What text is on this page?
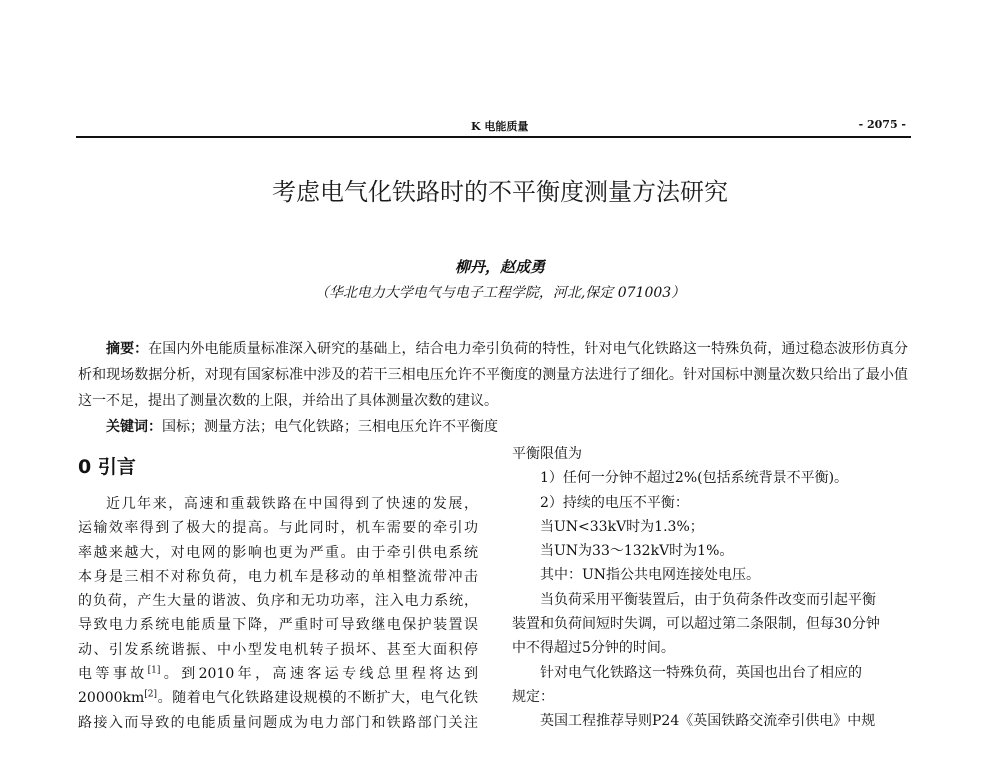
K 电能质量	- 2075 -
考虑电气化铁路时的不平衡度测量方法研究
柳丹，赵成勇
（华北电力大学电气与电子工程学院，河北,保定 071003）

摘要：在国内外电能质量标准深入研究的基础上，结合电力牵引负荷的特性，针对电气化铁路这一特殊负荷，通过稳态波形仿真分析和现场数据分析，对现有国家标准中涉及的若干三相电压允许不平衡度的测量方法进行了细化。针对国标中测量次数只给出了最小值这一不足，提出了测量次数的上限，并给出了具体测量次数的建议。

关键词：国标；测量方法；电气化铁路；三相电压允许不平衡度
0 引言
近几年来，高速和重载铁路在中国得到了快速的发展，
运输效率得到了极大的提高。与此同时，机车需要的牵引功
率越来越大，对电网的影响也更为严重。由于牵引供电系统
本身是三相不对称负荷，电力机车是移动的单相整流带冲击
的负荷，产生大量的谐波、负序和无功功率，注入电力系统，
导致电力系统电能质量下降，严重时可导致继电保护装置误
动、引发系统谐振、中小型发电机转子损坏、甚至大面积停
电等事故[1]。到2010年，高速客运专线总里程将达到
20000km[2]。随着电气化铁路建设规模的不断扩大，电气化铁
路接入而导致的电能质量问题成为电力部门和铁路部门关注
平衡限值为
1）任何一分钟不超过2%(包括系统背景不平衡)。
2）持续的电压不平衡：
当UN<33kV时为1.3%；
当UN为33～132kV时为1%。
其中：UN指公共电网连接处电压。
当负荷采用平衡装置后，由于负荷条件改变而引起平衡
装置和负荷间短时失调，可以超过第二条限制，但每30分钟
中不得超过5分钟的时间。
针对电气化铁路这一特殊负荷，英国也出台了相应的
规定：
英国工程推荐导则P24《英国铁路交流牵引供电》中规
